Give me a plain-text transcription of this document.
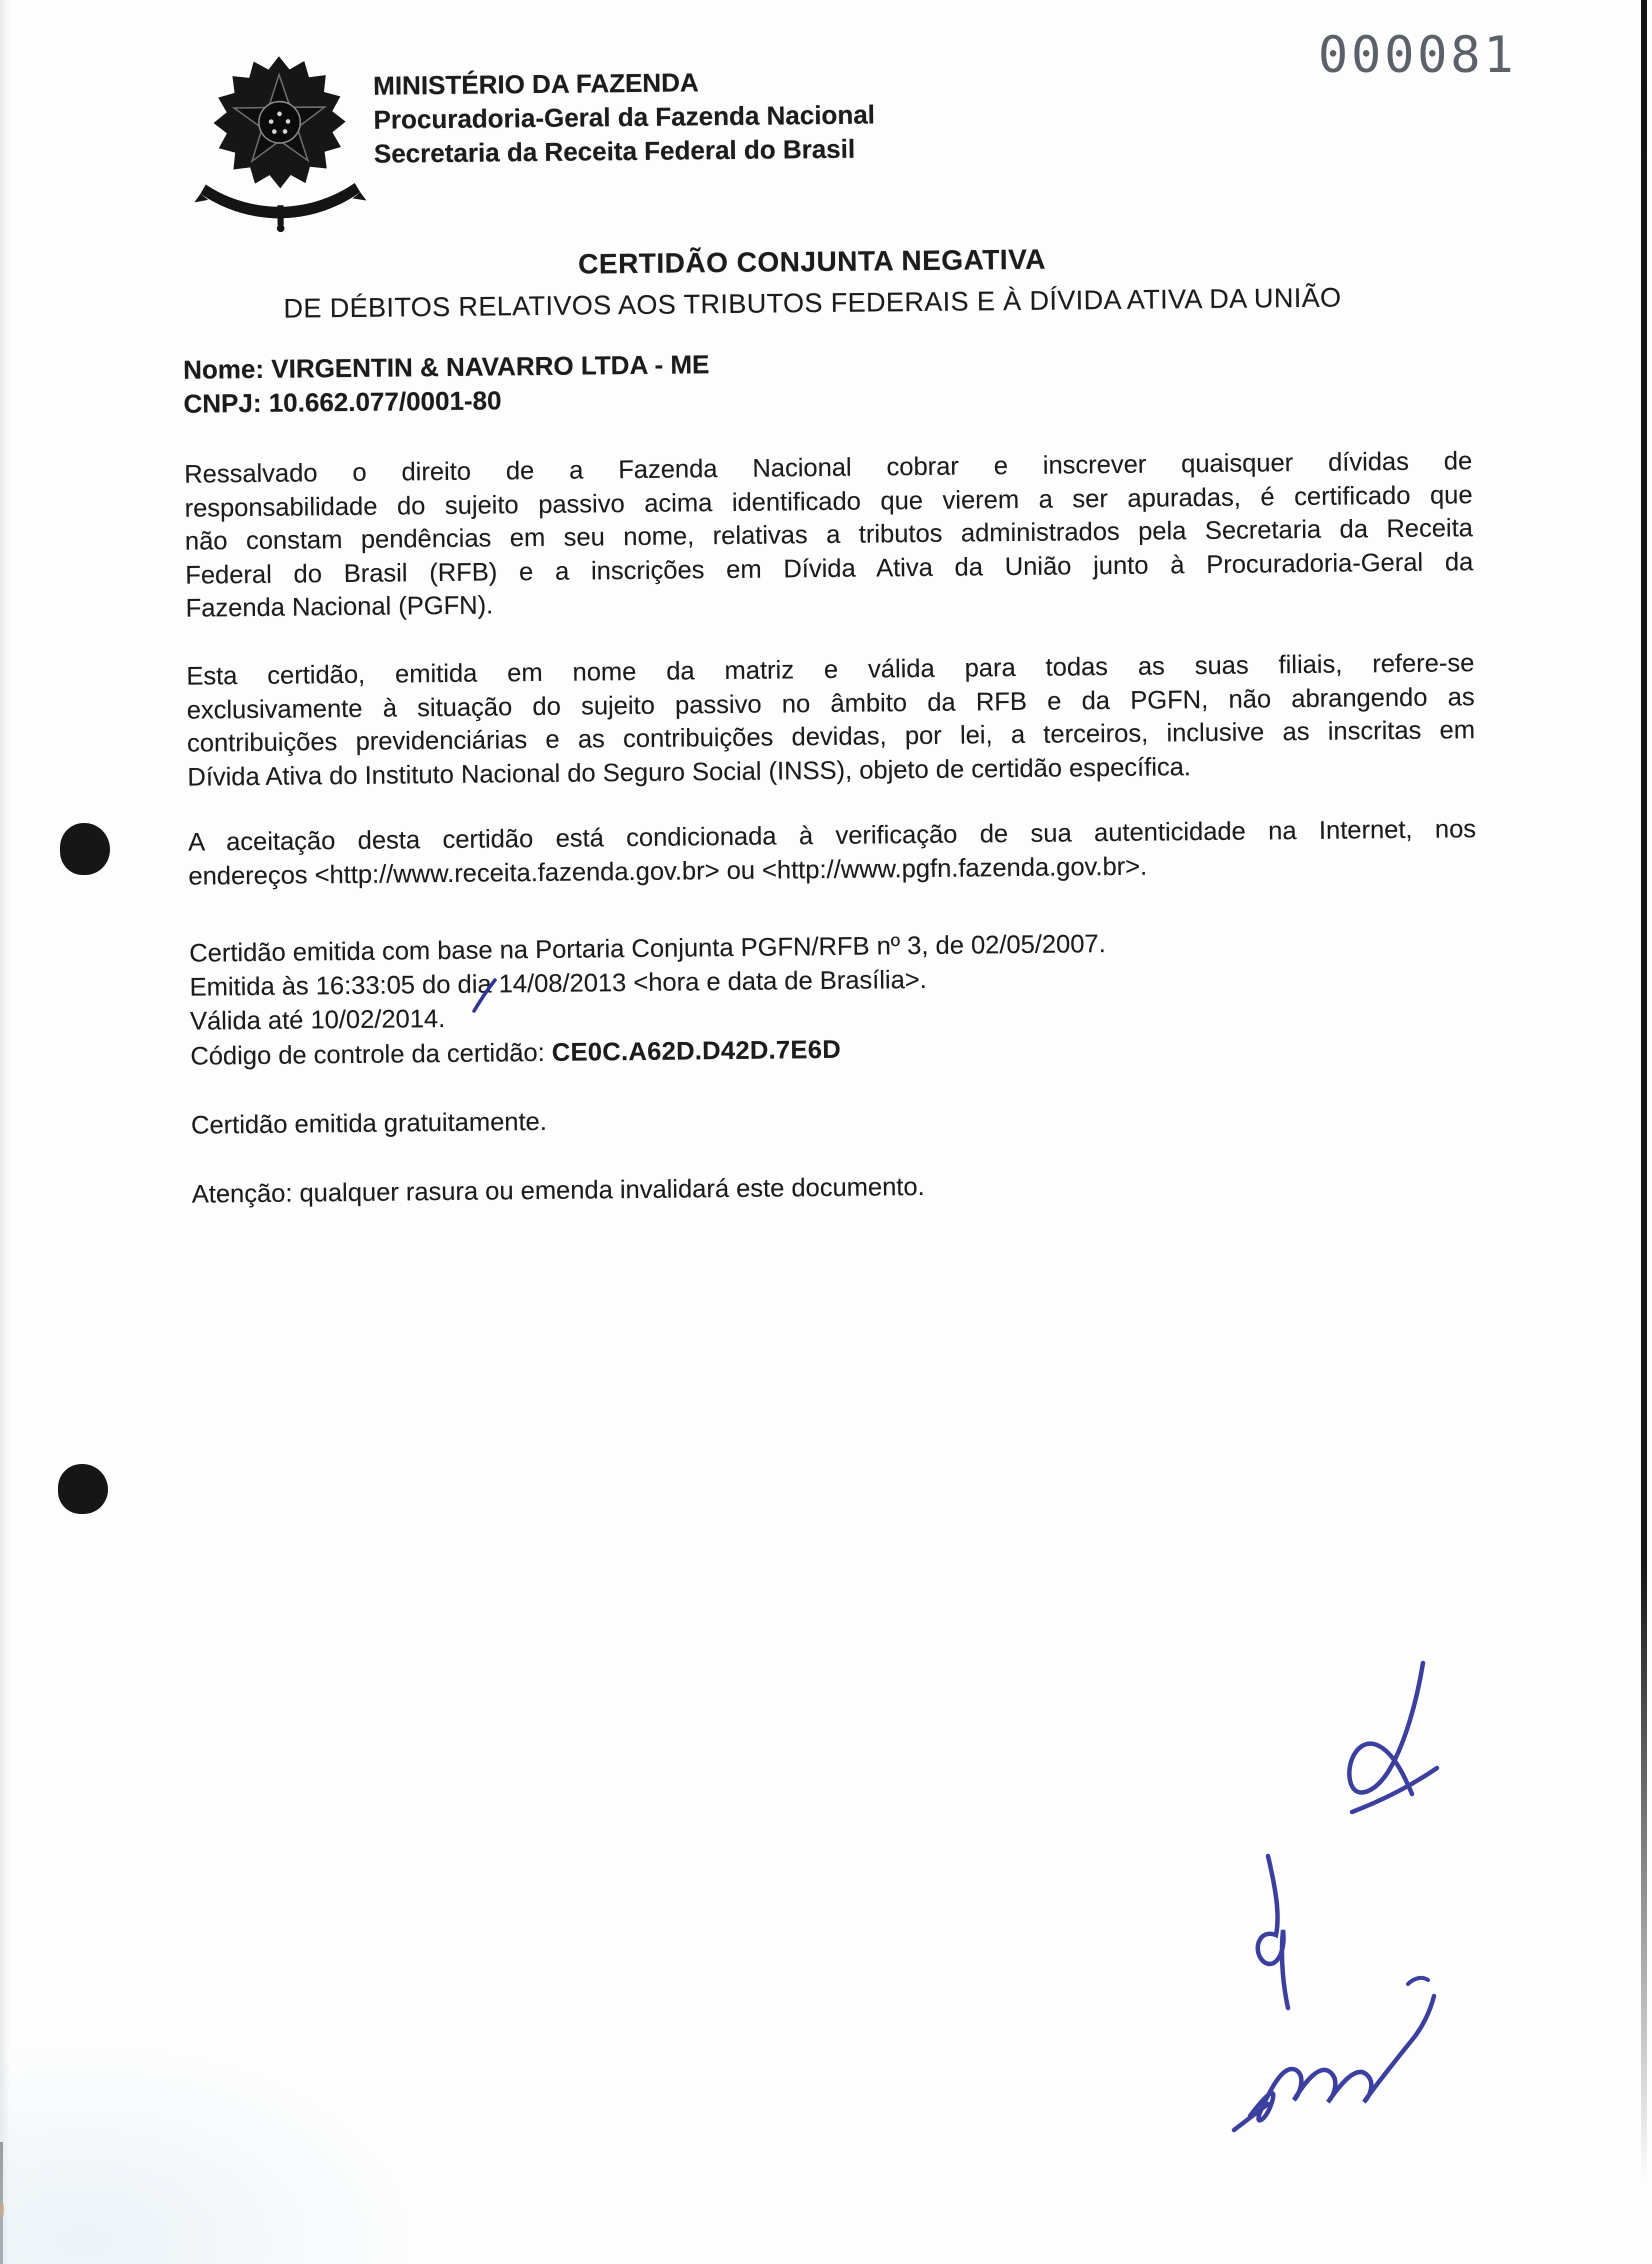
000081
MINISTÉRIO DA FAZENDA
Procuradoria-Geral da Fazenda Nacional
Secretaria da Receita Federal do Brasil
CERTIDÃO CONJUNTA NEGATIVA
DE DÉBITOS RELATIVOS AOS TRIBUTOS FEDERAIS E À DÍVIDA ATIVA DA UNIÃO
Nome: VIRGENTIN & NAVARRO LTDA - ME
CNPJ: 10.662.077/0001-80
Ressalvado o direito de a Fazenda Nacional cobrar e inscrever quaisquer dívidas de
responsabilidade do sujeito passivo acima identificado que vierem a ser apuradas, é certificado que
não constam pendências em seu nome, relativas a tributos administrados pela Secretaria da Receita
Federal do Brasil (RFB) e a inscrições em Dívida Ativa da União junto à Procuradoria-Geral da
Fazenda Nacional (PGFN).
Esta certidão, emitida em nome da matriz e válida para todas as suas filiais, refere-se
exclusivamente à situação do sujeito passivo no âmbito da RFB e da PGFN, não abrangendo as
contribuições previdenciárias e as contribuições devidas, por lei, a terceiros, inclusive as inscritas em
Dívida Ativa do Instituto Nacional do Seguro Social (INSS), objeto de certidão específica.
A aceitação desta certidão está condicionada à verificação de sua autenticidade na Internet, nos
endereços <http://www.receita.fazenda.gov.br> ou <http://www.pgfn.fazenda.gov.br>.
Certidão emitida com base na Portaria Conjunta PGFN/RFB nº 3, de 02/05/2007.
Emitida às 16:33:05 do dia 14/08/2013 <hora e data de Brasília>.
Válida até 10/02/2014.
Código de controle da certidão: CE0C.A62D.D42D.7E6D
Certidão emitida gratuitamente.
Atenção: qualquer rasura ou emenda invalidará este documento.
